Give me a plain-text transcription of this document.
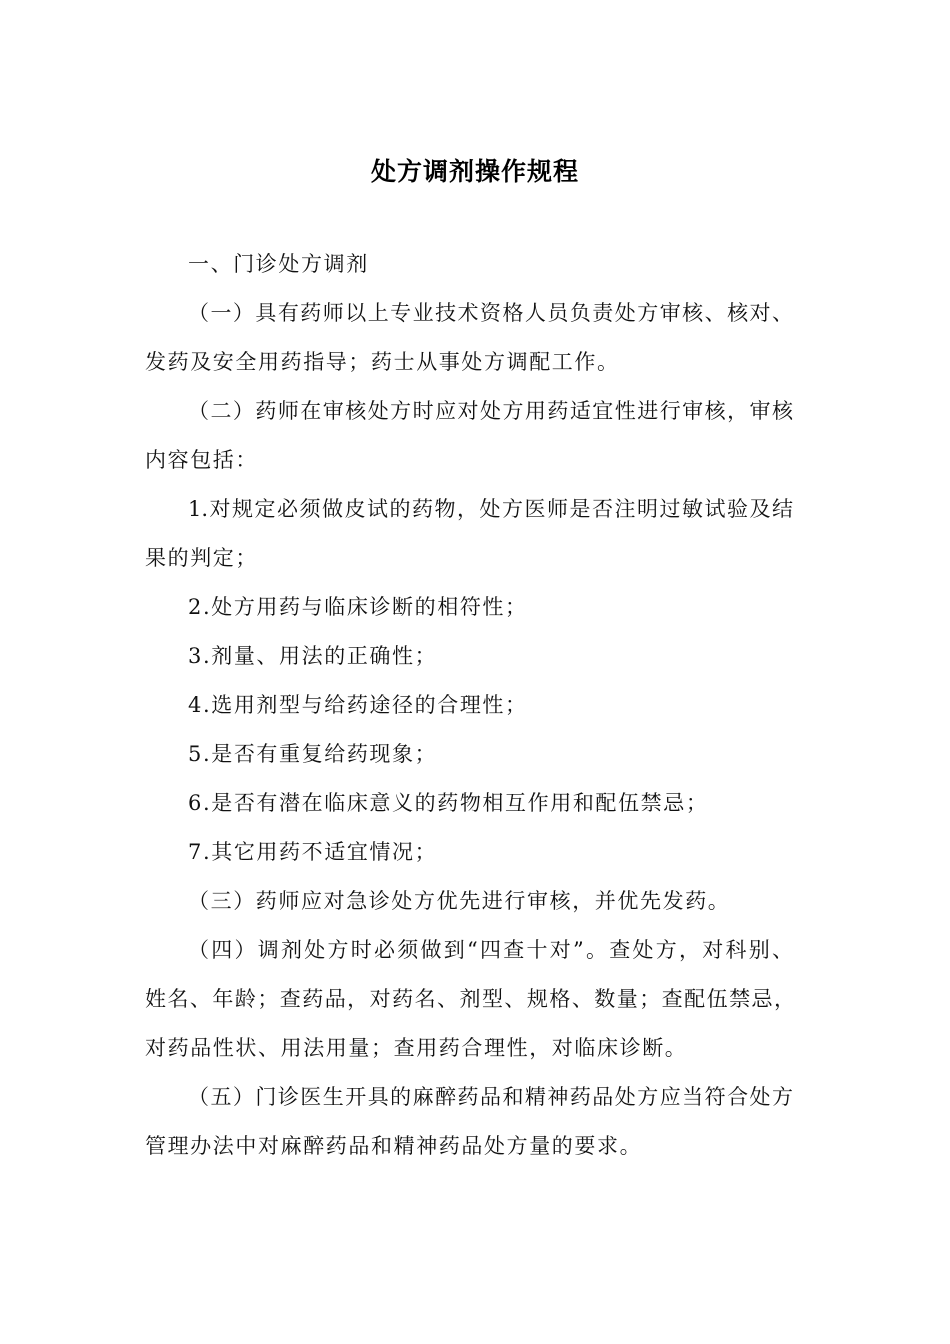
处方调剂操作规程
一、门诊处方调剂
（一）具有药师以上专业技术资格人员负责处方审核、核对、
发药及安全用药指导；药士从事处方调配工作。
（二）药师在审核处方时应对处方用药适宜性进行审核，审核
内容包括：
1.对规定必须做皮试的药物，处方医师是否注明过敏试验及结
果的判定；
2.处方用药与临床诊断的相符性；
3.剂量、用法的正确性；
4.选用剂型与给药途径的合理性；
5.是否有重复给药现象；
6.是否有潜在临床意义的药物相互作用和配伍禁忌；
7.其它用药不适宜情况；
（三）药师应对急诊处方优先进行审核，并优先发药。
（四）调剂处方时必须做到“四查十对”。查处方，对科别、
姓名、年龄；查药品，对药名、剂型、规格、数量；查配伍禁忌，
对药品性状、用法用量；查用药合理性，对临床诊断。
（五）门诊医生开具的麻醉药品和精神药品处方应当符合处方
管理办法中对麻醉药品和精神药品处方量的要求。
